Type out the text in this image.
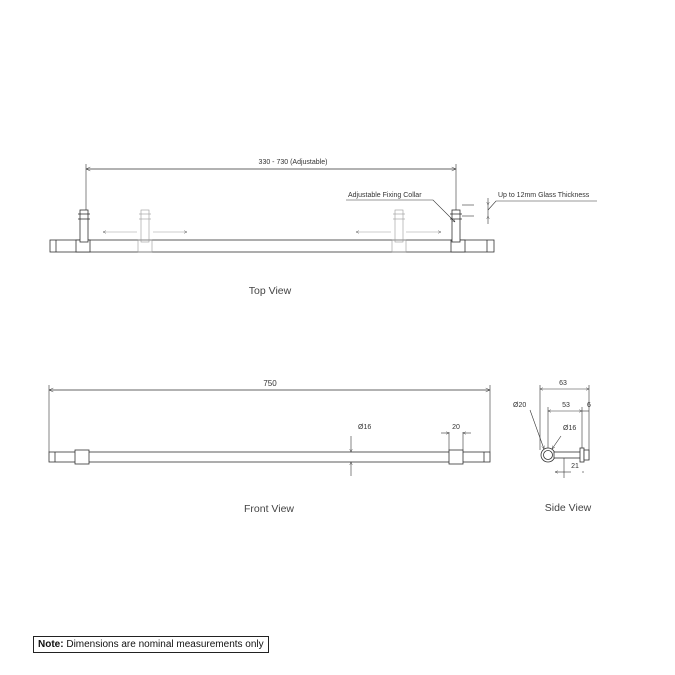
330 - 730 (Adjustable)
Adjustable Fixing Collar	Up to 12mm Glass Thickness
Top View
750
Ø16	20
Front View
63
53 6
Ø20
Ø16
21
Side View
Note: Dimensions are nominal measurements only
